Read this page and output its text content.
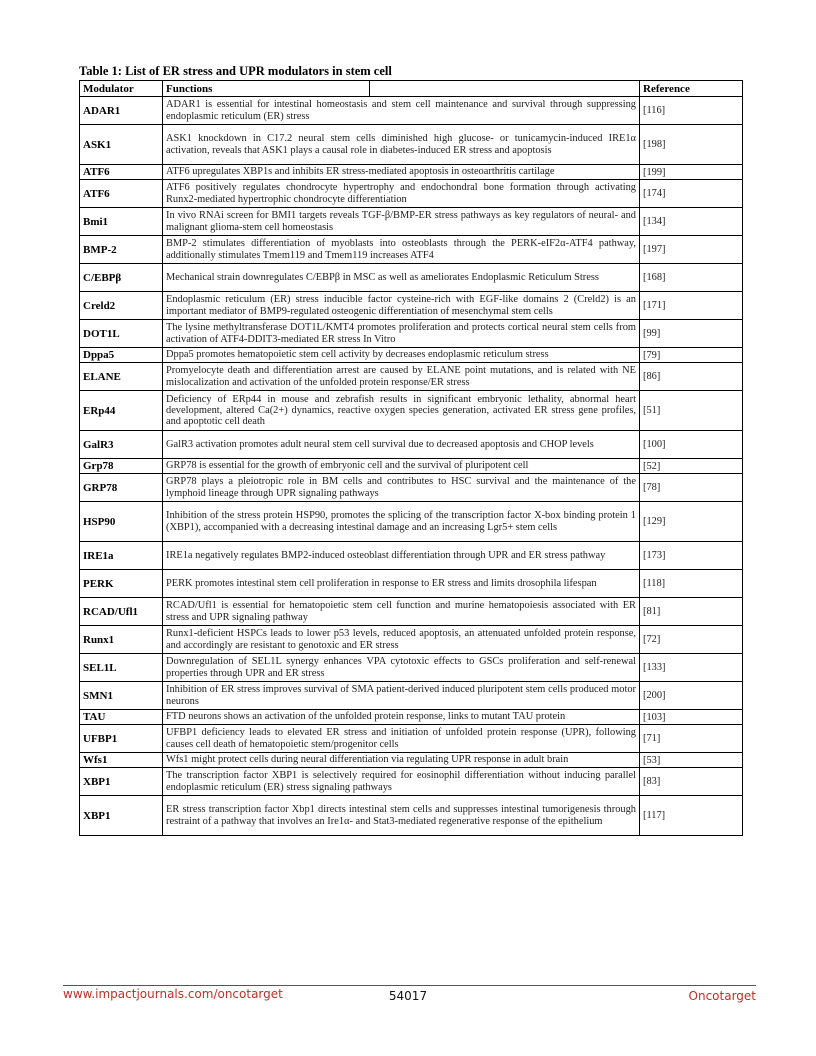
Table 1: List of ER stress and UPR modulators in stem cell
Modulator	Functions	Reference
ADAR1	ADAR1 is essential for intestinal homeostasis and stem cell maintenance and survival through suppressing endoplasmic reticulum (ER) stress	[116]
ASK1	ASK1 knockdown in C17.2 neural stem cells diminished high glucose- or tunicamycin-induced IRE1α activation, reveals that ASK1 plays a causal role in diabetes-induced ER stress and apoptosis	[198]
ATF6	ATF6 upregulates XBP1s and inhibits ER stress-mediated apoptosis in osteoarthritis cartilage	[199]
ATF6	ATF6 positively regulates chondrocyte hypertrophy and endochondral bone formation through activating Runx2-mediated hypertrophic chondrocyte differentiation	[174]
Bmi1	In vivo RNAi screen for BMI1 targets reveals TGF-β/BMP-ER stress pathways as key regulators of neural- and malignant glioma-stem cell homeostasis	[134]
BMP-2	BMP-2 stimulates differentiation of myoblasts into osteoblasts through the PERK-eIF2α-ATF4 pathway, additionally stimulates Tmem119 and Tmem119 increases ATF4	[197]
C/EBPβ	Mechanical strain downregulates C/EBPβ in MSC as well as ameliorates Endoplasmic Reticulum Stress	[168]
Creld2	Endoplasmic reticulum (ER) stress inducible factor cysteine-rich with EGF-like domains 2 (Creld2) is an important mediator of BMP9-regulated osteogenic differentiation of mesenchymal stem cells	[171]
DOT1L	The lysine methyltransferase DOT1L/KMT4 promotes proliferation and protects cortical neural stem cells from activation of ATF4-DDIT3-mediated ER stress In Vitro	[99]
Dppa5	Dppa5 promotes hematopoietic stem cell activity by decreases endoplasmic reticulum stress	[79]
ELANE	Promyelocyte death and differentiation arrest are caused by ELANE point mutations, and is related with NE mislocalization and activation of the unfolded protein response/ER stress	[86]
ERp44	Deficiency of ERp44 in mouse and zebrafish results in significant embryonic lethality, abnormal heart development, altered Ca(2+) dynamics, reactive oxygen species generation, activated ER stress gene profiles, and apoptotic cell death	[51]
GalR3	GalR3 activation promotes adult neural stem cell survival due to decreased apoptosis and CHOP levels	[100]
Grp78	GRP78 is essential for the growth of embryonic cell and the survival of pluripotent cell	[52]
GRP78	GRP78 plays a pleiotropic role in BM cells and contributes to HSC survival and the maintenance of the lymphoid lineage through UPR signaling pathways	[78]
HSP90	Inhibition of the stress protein HSP90, promotes the splicing of the transcription factor X-box binding protein 1 (XBP1), accompanied with a decreasing intestinal damage and an increasing Lgr5+ stem cells	[129]
IRE1a	IRE1a negatively regulates BMP2-induced osteoblast differentiation through UPR and ER stress pathway	[173]
PERK	PERK promotes intestinal stem cell proliferation in response to ER stress and limits drosophila lifespan	[118]
RCAD/Ufl1	RCAD/Ufl1 is essential for hematopoietic stem cell function and murine hematopoiesis associated with ER stress and UPR signaling pathway	[81]
Runx1	Runx1-deficient HSPCs leads to lower p53 levels, reduced apoptosis, an attenuated unfolded protein response, and accordingly are resistant to genotoxic and ER stress	[72]
SEL1L	Downregulation of SEL1L synergy enhances VPA cytotoxic effects to GSCs proliferation and self-renewal properties through UPR and ER stress	[133]
SMN1	Inhibition of ER stress improves survival of SMA patient-derived induced pluripotent stem cells produced motor neurons	[200]
TAU	FTD neurons shows an activation of the unfolded protein response, links to mutant TAU protein	[103]
UFBP1	UFBP1 deficiency leads to elevated ER stress and initiation of unfolded protein response (UPR), following causes cell death of hematopoietic stem/progenitor cells	[71]
Wfs1	Wfs1 might protect cells during neural differentiation via regulating UPR response in adult brain	[53]
XBP1	The transcription factor XBP1 is selectively required for eosinophil differentiation without inducing parallel endoplasmic reticulum (ER) stress signaling pathways	[83]
XBP1	ER stress transcription factor Xbp1 directs intestinal stem cells and suppresses intestinal tumorigenesis through restraint of a pathway that involves an Ire1α- and Stat3-mediated regenerative response of the epithelium	[117]
www.impactjournals.com/oncotarget	54017	Oncotarget
